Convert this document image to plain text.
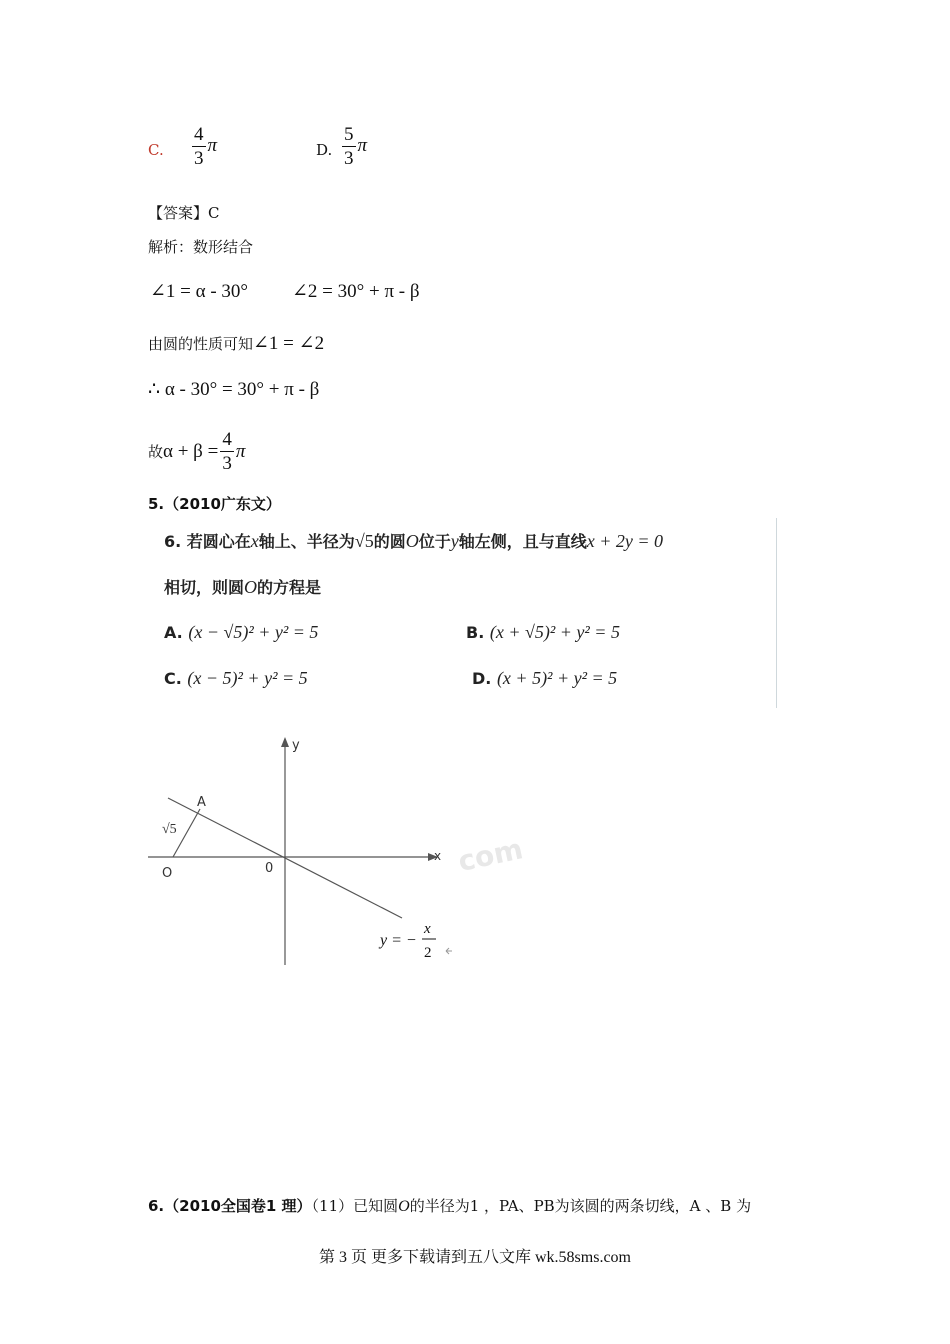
C. $\frac{4}{3}$ π	D. $\frac{5}{3}$ π
【答案】C
解析：数形结合
∠1 = α - 30° ∠2 = 30° + π - β
由圆的性质可知∠1 = ∠2
∴ α - 30° = 30° + π - β
故 $\alpha + \beta = \frac{4}{3}$ π
5.（2010广东文）
6. 若圆心在x轴上、半径为√5的圆O位于y轴左侧，且与直线x + 2y = 0
相切，则圆O的方程是
A. (x − √5)² + y² = 5	B. (x + √5)² + y² = 5
C. (x − 5)² + y² = 5	D. (x + 5)² + y² = 5
com
y
x
A
O	0
√5
y = −
x
2
6.（2010全国卷1 理）（11）已知圆O的半径为1 ，PA、PB为该圆的两条切线，A 、B 为
第 3 页 更多下载请到五八文库 wk.58sms.com
